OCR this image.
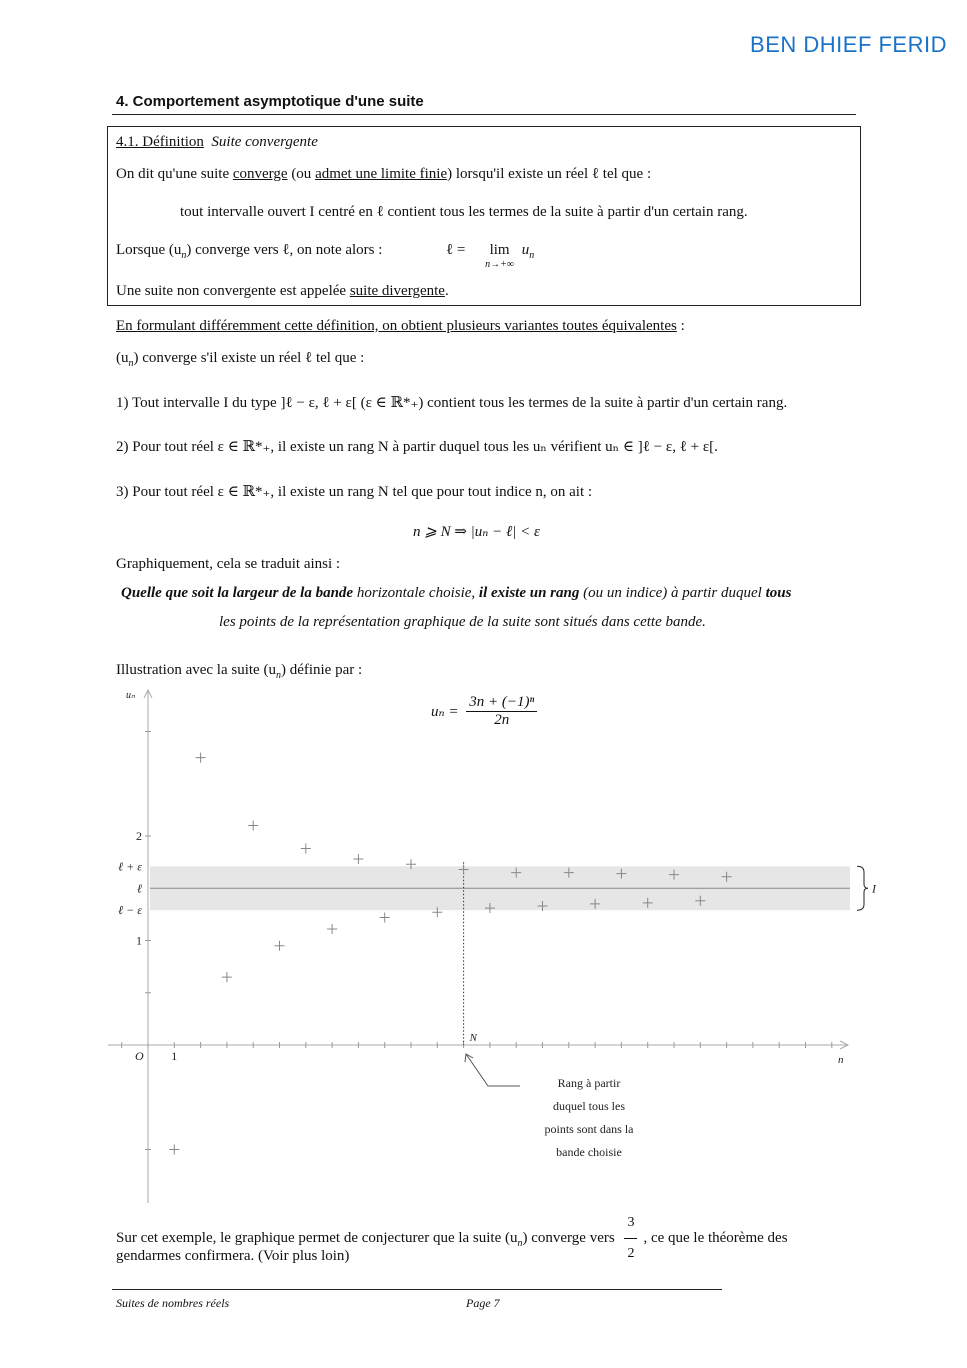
BEN DHIEF FERID
4. Comportement asymptotique d'une suite
4.1. Définition Suite convergente
On dit qu'une suite converge (ou admet une limite finie) lorsqu'il existe un réel ℓ tel que :
tout intervalle ouvert I centré en ℓ contient tous les termes de la suite à partir d'un certain rang.
Lorsque $(u_n)$ converge vers ℓ, on note alors :	ℓ = lim
$^{n\to+\infty}$ $u_n$
Une suite non convergente est appelée suite divergente.
En formulant différemment cette définition, on obtient plusieurs variantes toutes équivalentes :
$(u_n)$ converge s'il existe un réel ℓ tel que :
1) Tout intervalle I du type ]ℓ − ε, ℓ + ε[ (ε ∈ ℝ*₊) contient tous les termes de la suite à partir d'un certain rang.
2) Pour tout réel ε ∈ ℝ*₊, il existe un rang N à partir duquel tous les uₙ vérifient uₙ ∈ ]ℓ − ε, ℓ + ε[.
3) Pour tout réel ε ∈ ℝ*₊, il existe un rang N tel que pour tout indice n, on ait :
n ⩾ N ⇒ |uₙ − ℓ| < ε
Graphiquement, cela se traduit ainsi :
Quelle que soit la largeur de la bande horizontale choisie, il existe un rang (ou un indice) à partir duquel tous
les points de la représentation graphique de la suite sont situés dans cette bande.
Illustration avec la suite $(u_n)$ définie par :
$u_n = \frac{\text{3n + (−1)ⁿ}}{2n}$
2
ℓ + ε
ℓ
ℓ − ε
1
uₙ
n
O 1
N
I
Rang à partir
duquel tous les
points sont dans la
bande choisie
Sur cet exemple, le graphique permet de conjecturer que la suite $(u_n)$ converge vers $\frac{3}{2}$ , ce que le théorème des
gendarmes confirmera. (Voir plus loin)
Suites de nombres réels	Page 7
